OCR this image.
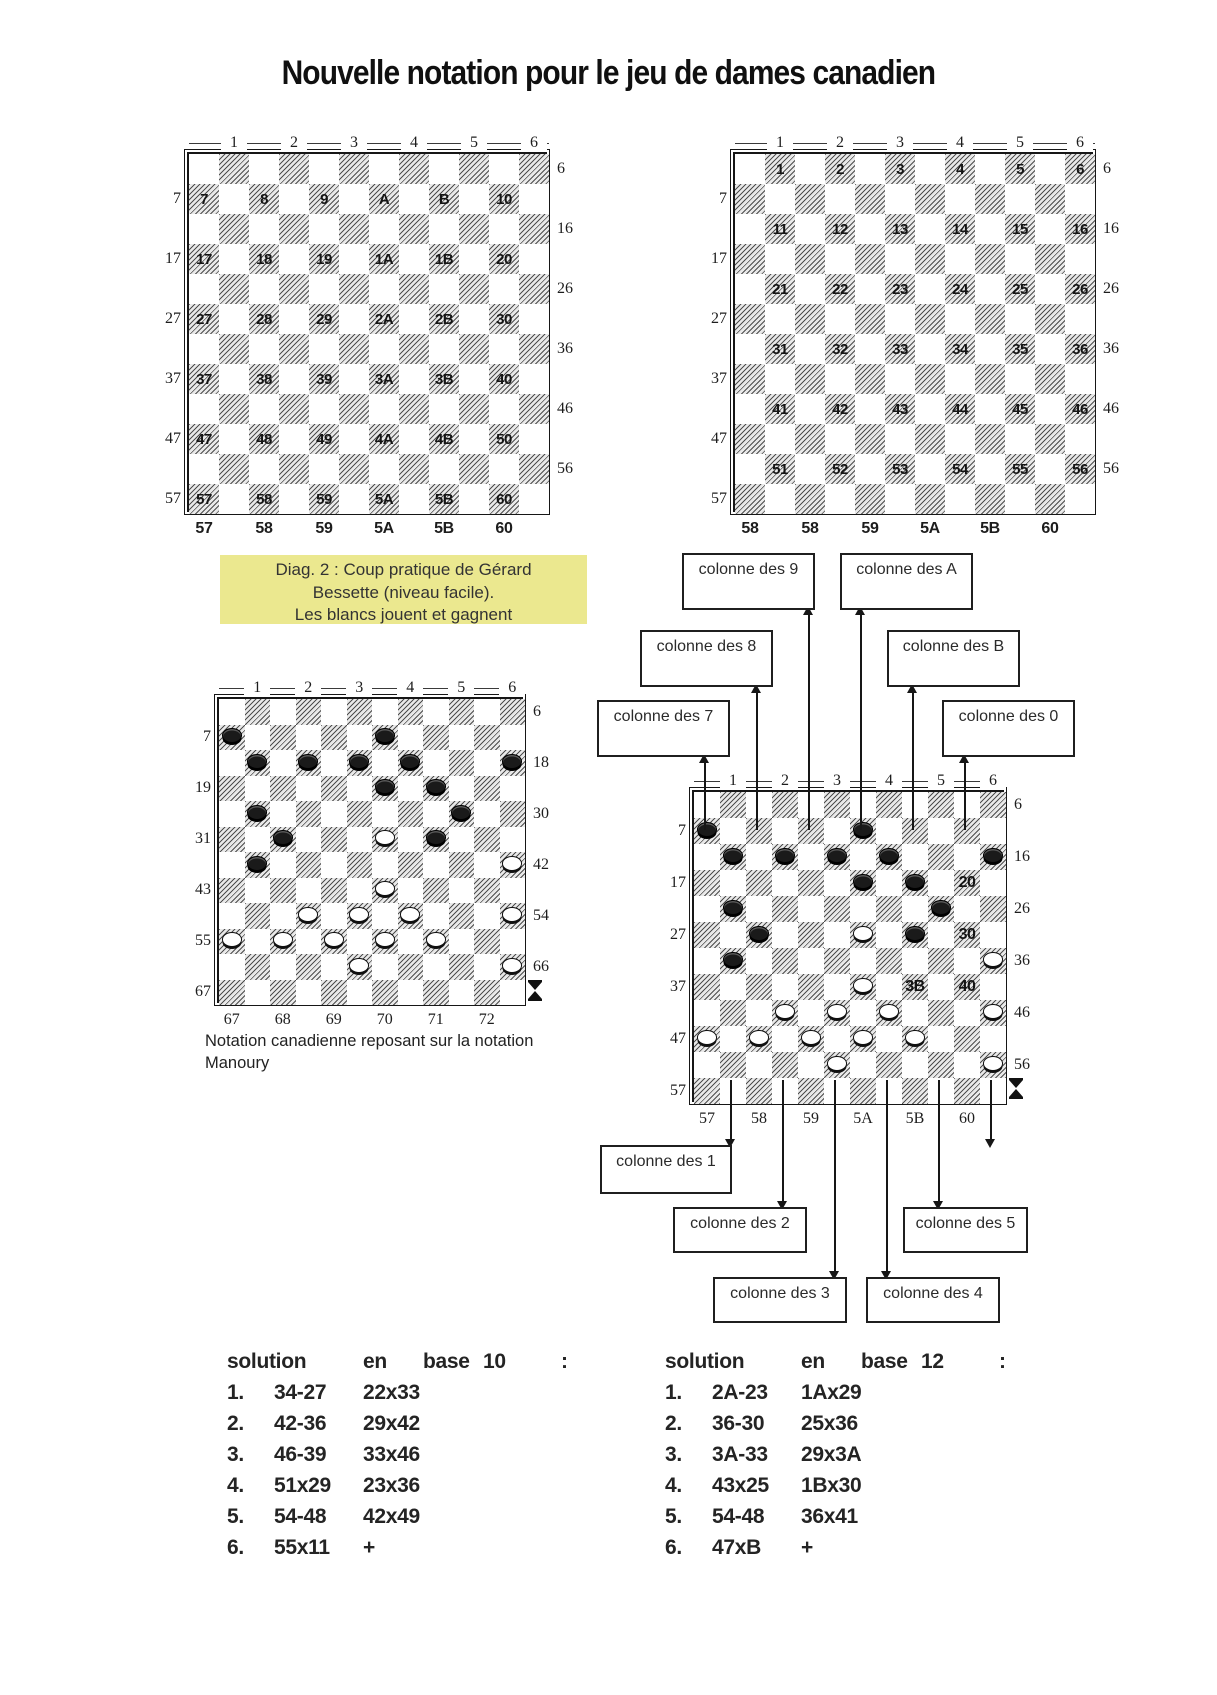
Nouvelle notation pour le jeu de dames canadien
Diag. 2 : Coup pratique de Gérard
Bessette (niveau facile).
Les blancs jouent et gagnent
Notation canadienne reposant sur la notation
Manoury
7	8	9	A	B	10
17	18	19	1A	1B	20
27	28	29	2A	2B	30
37	38	39	3A	3B	40
47	48	49	4A	4B	50
57	58	59	5A	5B	60
1	2	3	4	5	6
57	58	59	5A	5B	60
7
17
27
37
47
57
6
16
26
36
46
56
1	2	3	4	5	6
11	12	13	14	15	16
21	22	23	24	25	26
31	32	33	34	35	36
41	42	43	44	45	46
51	52	53	54	55	56
1	2	3	4	5	6
58	58	59	5A	5B	60
7
17
27
37
47
57
6
16
26
36
46
56
1	2	3	4	5	6
67	68	69	70	71	72
7
19
31
43
55
67
6
18
30
42
54
66
20
30
3B 40
1	2	3	4	5	6
57	58	59	5A	5B	60
7
17
27
37
47
57
6
16
26
36
46
56
colonne des 9	colonne des A
colonne des 8	colonne des B
colonne des 7	colonne des 0
colonne des 1
colonne des 2	colonne des 5
colonne des 3	colonne des 4
solution	en base 10	:
1. 34-27 22x33
2. 42-36 29x42
3. 46-39 33x46
4. 51x29 23x36
5. 54-48 42x49
6. 55x11 +
solution	en base 12	:
1. 2A-23 1Ax29
2. 36-30 25x36
3. 3A-33 29x3A
4. 43x25 1Bx30
5. 54-48 36x41
6. 47xB +
